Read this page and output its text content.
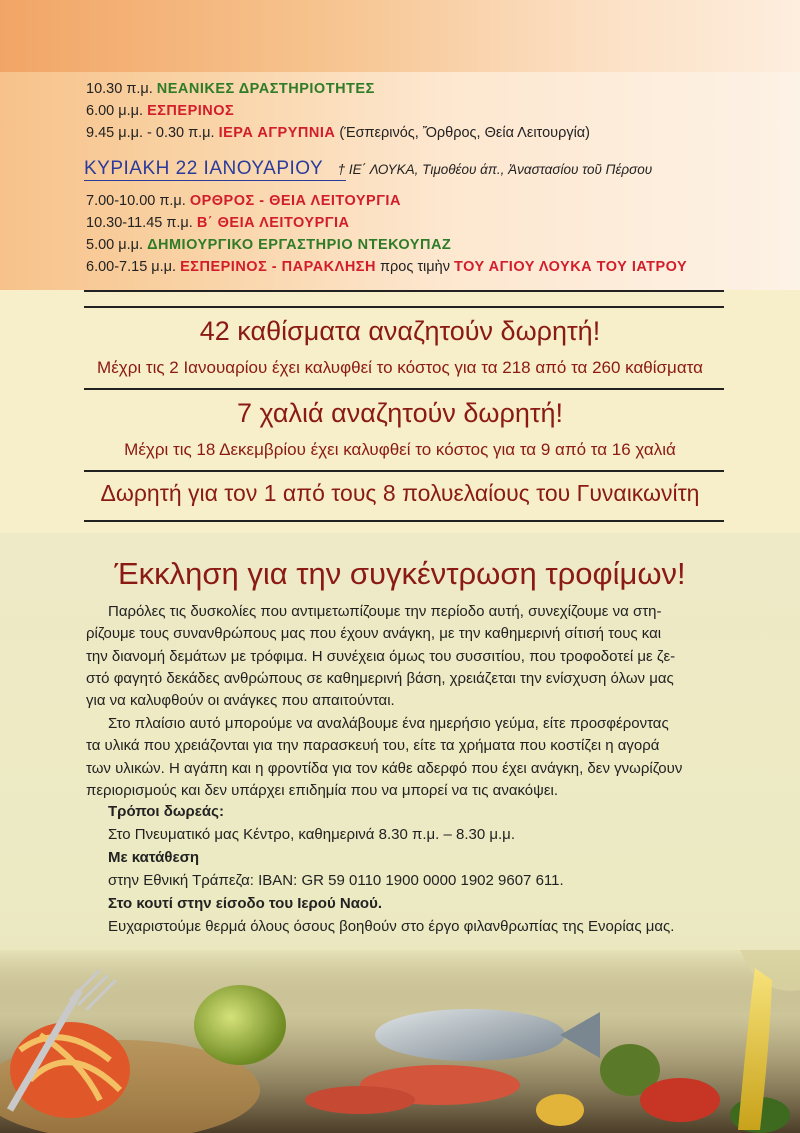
10.30 π.μ. ΝΕΑΝΙΚΕΣ ΔΡΑΣΤΗΡΙΟΤΗΤΕΣ
6.00 μ.μ. ΕΣΠΕΡΙΝΟΣ
9.45 μ.μ. - 0.30 π.μ. ΙΕΡΑ ΑΓΡΥΠΝΙΑ (Έσπερινός, Ὄρθρος, Θεία Λειτουργία)
ΚΥΡΙΑΚΗ 22 ΙΑΝΟΥΑΡΙΟΥ † ΙΕ΄ ΛΟΥΚΑ, Τιμοθέου άπ., Ἀναστασίου τοῦ Πέρσου
7.00-10.00 π.μ. ΟΡΘΡΟΣ - ΘΕΙΑ ΛΕΙΤΟΥΡΓΙΑ
10.30-11.45 π.μ. Β΄ ΘΕΙΑ ΛΕΙΤΟΥΡΓΙΑ
5.00 μ.μ. ΔΗΜΙΟΥΡΓΙΚΟ ΕΡΓΑΣΤΗΡΙΟ ΝΤΕΚΟΥΠΑΖ
6.00-7.15 μ.μ. ΕΣΠΕΡΙΝΟΣ - ΠΑΡΑΚΛΗΣΗ προς τιμὴν ΤΟΥ ΑΓΙΟΥ ΛΟΥΚΑ ΤΟΥ ΙΑΤΡΟΥ
42 καθίσματα αναζητούν δωρητή!
Μέχρι τις 2 Ιανουαρίου έχει καλυφθεί το κόστος για τα 218 από τα 260 καθίσματα
7 χαλιά αναζητούν δωρητή!
Μέχρι τις 18 Δεκεμβρίου έχει καλυφθεί το κόστος για τα 9 από τα 16 χαλιά
Δωρητή για τον 1 από τους 8 πολυελαίους του Γυναικωνίτη
Έκκληση για την συγκέντρωση τροφίμων!
Παρόλες τις δυσκολίες που αντιμετωπίζουμε την περίοδο αυτή, συνεχίζουμε να στη-
ρίζουμε τους συνανθρώπους μας που έχουν ανάγκη, με την καθημερινή σίτισή τους και
την διανομή δεμάτων με τρόφιμα. Η συνέχεια όμως του συσσιτίου, που τροφοδοτεί με ζε-
στό φαγητό δεκάδες ανθρώπους σε καθημερινή βάση, χρειάζεται την ενίσχυση όλων μας
για να καλυφθούν οι ανάγκες που απαιτούνται.
Στο πλαίσιο αυτό μπορούμε να αναλάβουμε ένα ημερήσιο γεύμα, είτε προσφέροντας
τα υλικά που χρειάζονται για την παρασκευή του, είτε τα χρήματα που κοστίζει η αγορά
των υλικών. Η αγάπη και η φροντίδα για τον κάθε αδερφό που έχει ανάγκη, δεν γνωρίζουν
περιορισμούς και δεν υπάρχει επιδημία που να μπορεί να τις ανακόψει.
Τρόποι δωρεάς:
Στο Πνευματικό μας Κέντρο, καθημερινά 8.30 π.μ. – 8.30 μ.μ.
Με κατάθεση
στην Εθνική Τράπεζα: IBAN: GR 59 0110 1900 0000 1902 9607 611.
Στο κουτί στην είσοδο του Ιερού Ναού.
Ευχαριστούμε θερμά όλους όσους βοηθούν στο έργο φιλανθρωπίας της Ενορίας μας.
